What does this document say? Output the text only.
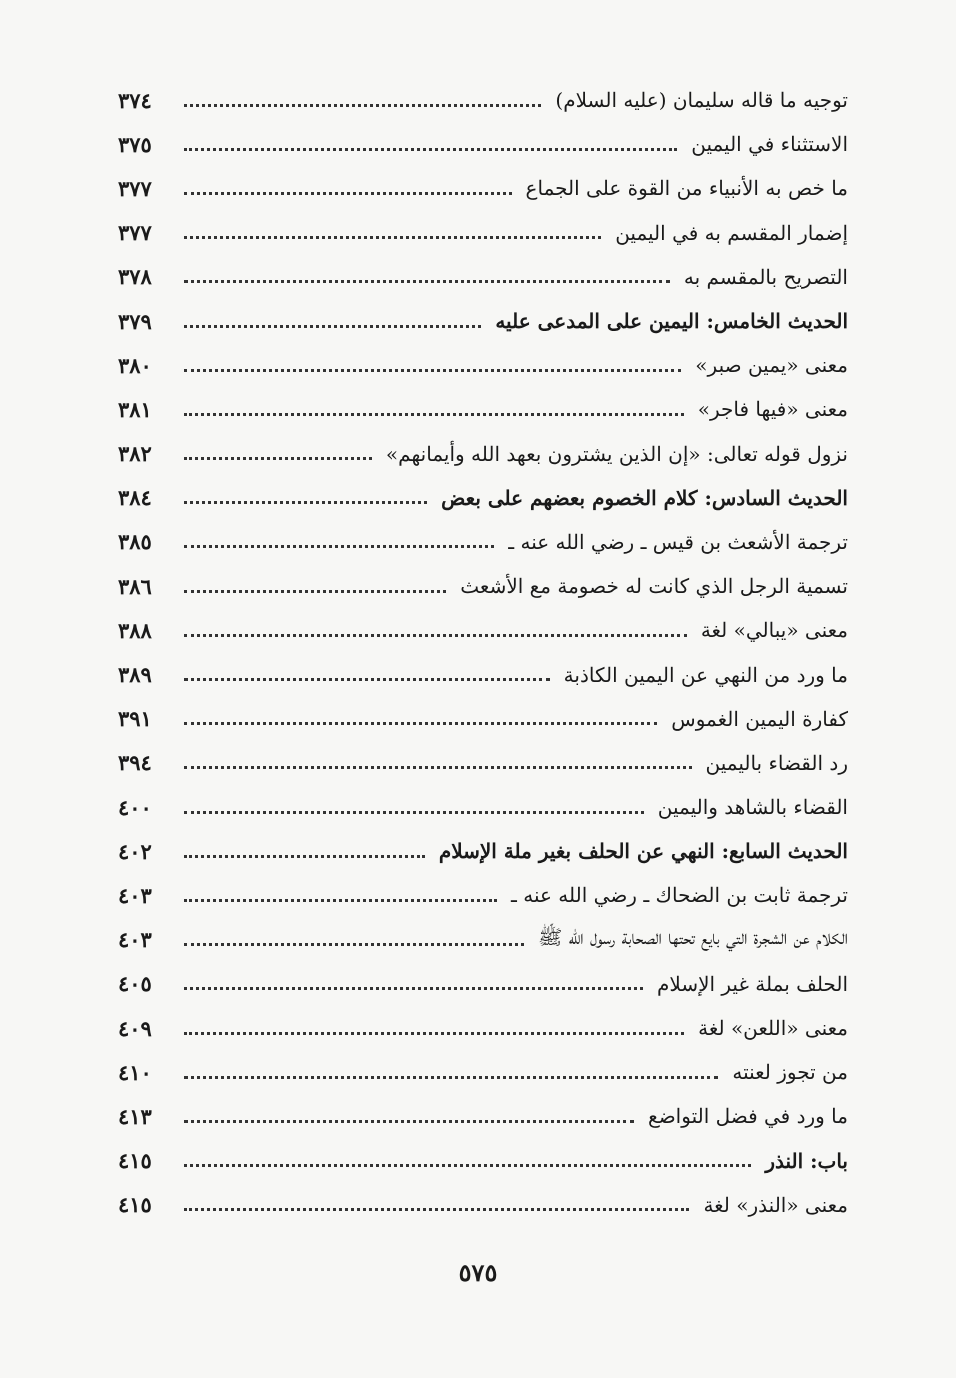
توجيه ما قاله سليمان (عليه السلام)
٣٧٤
الاستثناء في اليمين
٣٧٥
ما خص به الأنبياء من القوة على الجماع
٣٧٧
إضمار المقسم به في اليمين
٣٧٧
التصريح بالمقسم به
٣٧٨
الحديث الخامس: اليمين على المدعى عليه
٣٧٩
معنى «يمين صبر»
٣٨٠
معنى «فيها فاجر»
٣٨١
نزول قوله تعالى: «إن الذين يشترون بعهد الله وأيمانهم»
٣٨٢
الحديث السادس: كلام الخصوم بعضهم على بعض
٣٨٤
ترجمة الأشعث بن قيس ـ رضي الله عنه ـ
٣٨٥
تسمية الرجل الذي كانت له خصومة مع الأشعث
٣٨٦
معنى «يبالي» لغة
٣٨٨
ما ورد من النهي عن اليمين الكاذبة
٣٨٩
كفارة اليمين الغموس
٣٩١
رد القضاء باليمين
٣٩٤
القضاء بالشاهد واليمين
٤٠٠
الحديث السابع: النهي عن الحلف بغير ملة الإسلام
٤٠٢
ترجمة ثابت بن الضحاك ـ رضي الله عنه ـ
٤٠٣
الكلام عن الشجرة التي بايع تحتها الصحابة رسول الله ﷺ
٤٠٣
الحلف بملة غير الإسلام
٤٠٥
معنى «اللعن» لغة
٤٠٩
من تجوز لعنته
٤١٠
ما ورد في فضل التواضع
٤١٣
باب: النذر
٤١٥
معنى «النذر» لغة
٤١٥
٥٧٥
